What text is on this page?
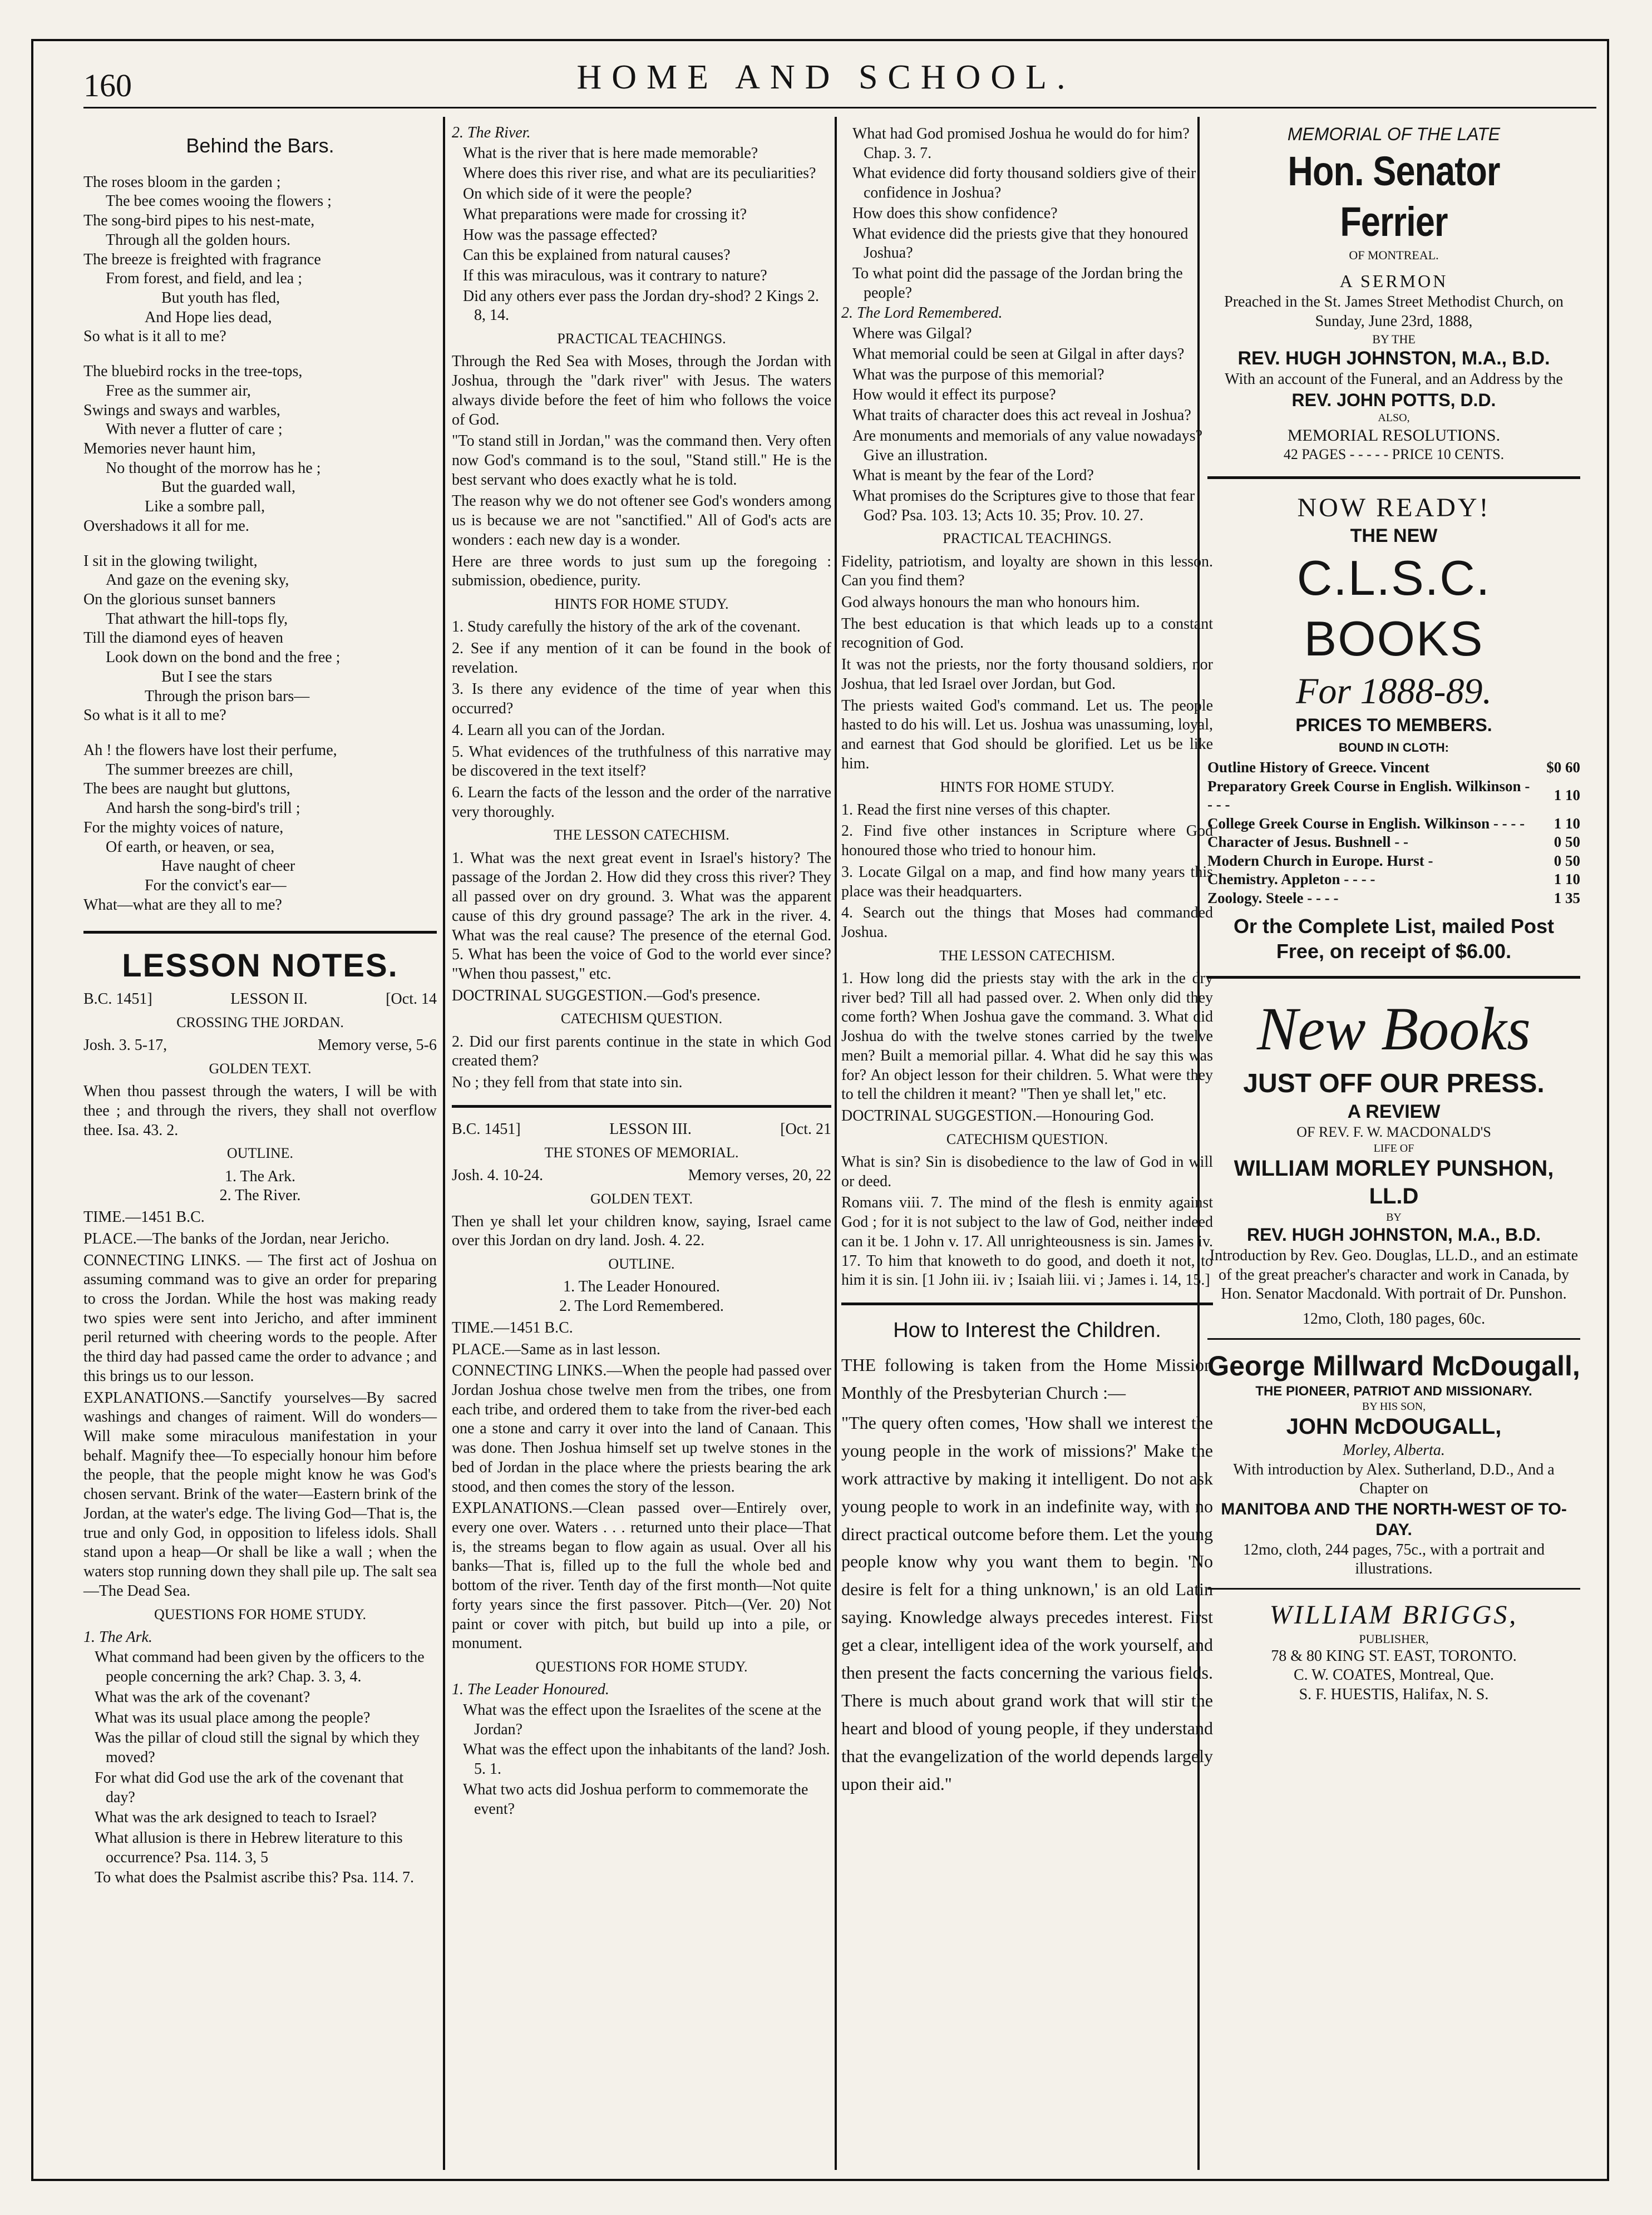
160	HOME AND SCHOOL.
Behind the Bars.

The roses bloom in the garden ;

The bee comes wooing the flowers ;

The song-bird pipes to his nest-mate,

Through all the golden hours.

The breeze is freighted with fragrance

From forest, and field, and lea ;

But youth has fled,

And Hope lies dead,

So what is it all to me?

The bluebird rocks in the tree-tops,

Free as the summer air,

Swings and sways and warbles,

With never a flutter of care ;

Memories never haunt him,

No thought of the morrow has he ;

But the guarded wall,

Like a sombre pall,

Overshadows it all for me.

I sit in the glowing twilight,

And gaze on the evening sky,

On the glorious sunset banners

That athwart the hill-tops fly,

Till the diamond eyes of heaven

Look down on the bond and the free ;

But I see the stars

Through the prison bars—

So what is it all to me?

Ah ! the flowers have lost their perfume,

The summer breezes are chill,

The bees are naught but gluttons,

And harsh the song-bird's trill ;

For the mighty voices of nature,

Of earth, or heaven, or sea,

Have naught of cheer

For the convict's ear—

What—what are they all to me?

LESSON NOTES.
B.C. 1451]	LESSON II.	[Oct. 14
CROSSING THE JORDAN.
Josh. 3. 5-17,	Memory verse, 5-6
GOLDEN TEXT.

When thou passest through the waters, I will be with thee ; and through the rivers, they shall not overflow thee. Isa. 43. 2.

OUTLINE.
1. The Ark.
2. The River.

TIME.—1451 B.C.

PLACE.—The banks of the Jordan, near Jericho.

CONNECTING LINKS. — The first act of Joshua on assuming command was to give an order for preparing to cross the Jordan. While the host was making ready two spies were sent into Jericho, and after imminent peril returned with cheering words to the people. After the third day had passed came the order to advance ; and this brings us to our lesson.

EXPLANATIONS.—Sanctify yourselves—By sacred washings and changes of raiment. Will do wonders—Will make some miraculous manifestation in your behalf. Magnify thee—To especially honour him before the people, that the people might know he was God's chosen servant. Brink of the water—Eastern brink of the Jordan, at the water's edge. The living God—That is, the true and only God, in opposition to lifeless idols. Shall stand upon a heap—Or shall be like a wall ; when the waters stop running down they shall pile up. The salt sea—The Dead Sea.

QUESTIONS FOR HOME STUDY.
1. The Ark.

What command had been given by the officers to the people concerning the ark? Chap. 3. 3, 4.

What was the ark of the covenant?

What was its usual place among the people?

Was the pillar of cloud still the signal by which they moved?

For what did God use the ark of the covenant that day?

What was the ark designed to teach to Israel?

What allusion is there in Hebrew literature to this occurrence? Psa. 114. 3, 5

To what does the Psalmist ascribe this? Psa. 114. 7.

2. The River.

What is the river that is here made memorable?

Where does this river rise, and what are its peculiarities?

On which side of it were the people?

What preparations were made for crossing it?

How was the passage effected?

Can this be explained from natural causes?

If this was miraculous, was it contrary to nature?

Did any others ever pass the Jordan dry-shod? 2 Kings 2. 8, 14.

PRACTICAL TEACHINGS.

Through the Red Sea with Moses, through the Jordan with Joshua, through the "dark river" with Jesus. The waters always divide before the feet of him who follows the voice of God.

"To stand still in Jordan," was the command then. Very often now God's command is to the soul, "Stand still." He is the best servant who does exactly what he is told.

The reason why we do not oftener see God's wonders among us is because we are not "sanctified." All of God's acts are wonders : each new day is a wonder.

Here are three words to just sum up the foregoing : submission, obedience, purity.

HINTS FOR HOME STUDY.

1. Study carefully the history of the ark of the covenant.

2. See if any mention of it can be found in the book of revelation.

3. Is there any evidence of the time of year when this occurred?

4. Learn all you can of the Jordan.

5. What evidences of the truthfulness of this narrative may be discovered in the text itself?

6. Learn the facts of the lesson and the order of the narrative very thoroughly.

THE LESSON CATECHISM.

1. What was the next great event in Israel's history? The passage of the Jordan 2. How did they cross this river? They all passed over on dry ground. 3. What was the apparent cause of this dry ground passage? The ark in the river. 4. What was the real cause? The presence of the eternal God. 5. What has been the voice of God to the world ever since? "When thou passest," etc.

DOCTRINAL SUGGESTION.—God's presence.

CATECHISM QUESTION.

2. Did our first parents continue in the state in which God created them?

No ; they fell from that state into sin.

B.C. 1451]	LESSON III.	[Oct. 21
THE STONES OF MEMORIAL.
Josh. 4. 10-24.	Memory verses, 20, 22
GOLDEN TEXT.

Then ye shall let your children know, saying, Israel came over this Jordan on dry land. Josh. 4. 22.

OUTLINE.
1. The Leader Honoured.
2. The Lord Remembered.

TIME.—1451 B.C.

PLACE.—Same as in last lesson.

CONNECTING LINKS.—When the people had passed over Jordan Joshua chose twelve men from the tribes, one from each tribe, and ordered them to take from the river-bed each one a stone and carry it over into the land of Canaan. This was done. Then Joshua himself set up twelve stones in the bed of Jordan in the place where the priests bearing the ark stood, and then comes the story of the lesson.

EXPLANATIONS.—Clean passed over—Entirely over, every one over. Waters . . . returned unto their place—That is, the streams began to flow again as usual. Over all his banks—That is, filled up to the full the whole bed and bottom of the river. Tenth day of the first month—Not quite forty years since the first passover. Pitch—(Ver. 20) Not paint or cover with pitch, but build up into a pile, or monument.

QUESTIONS FOR HOME STUDY.
1. The Leader Honoured.

What was the effect upon the Israelites of the scene at the Jordan?

What was the effect upon the inhabitants of the land? Josh. 5. 1.

What two acts did Joshua perform to commemorate the event?

What had God promised Joshua he would do for him? Chap. 3. 7.

What evidence did forty thousand soldiers give of their confidence in Joshua?

How does this show confidence?

What evidence did the priests give that they honoured Joshua?

To what point did the passage of the Jordan bring the people?

2. The Lord Remembered.

Where was Gilgal?

What memorial could be seen at Gilgal in after days?

What was the purpose of this memorial?

How would it effect its purpose?

What traits of character does this act reveal in Joshua?

Are monuments and memorials of any value nowadays? Give an illustration.

What is meant by the fear of the Lord?

What promises do the Scriptures give to those that fear God? Psa. 103. 13; Acts 10. 35; Prov. 10. 27.

PRACTICAL TEACHINGS.

Fidelity, patriotism, and loyalty are shown in this lesson. Can you find them?

God always honours the man who honours him.

The best education is that which leads up to a constant recognition of God.

It was not the priests, nor the forty thousand soldiers, nor Joshua, that led Israel over Jordan, but God.

The priests waited God's command. Let us. The people hasted to do his will. Let us. Joshua was unassuming, loyal, and earnest that God should be glorified. Let us be like him.

HINTS FOR HOME STUDY.

1. Read the first nine verses of this chapter.

2. Find five other instances in Scripture where God honoured those who tried to honour him.

3. Locate Gilgal on a map, and find how many years this place was their headquarters.

4. Search out the things that Moses had commanded Joshua.

THE LESSON CATECHISM.

1. How long did the priests stay with the ark in the dry river bed? Till all had passed over. 2. When only did they come forth? When Joshua gave the command. 3. What did Joshua do with the twelve stones carried by the twelve men? Built a memorial pillar. 4. What did he say this was for? An object lesson for their children. 5. What were they to tell the children it meant? "Then ye shall let," etc.

DOCTRINAL SUGGESTION.—Honouring God.

CATECHISM QUESTION.

What is sin? Sin is disobedience to the law of God in will or deed.

Romans viii. 7. The mind of the flesh is enmity against God ; for it is not subject to the law of God, neither indeed can it be. 1 John v. 17. All unrighteousness is sin. James iv. 17. To him that knoweth to do good, and doeth it not, to him it is sin. [1 John iii. iv ; Isaiah liii. vi ; James i. 14, 15.]

How to Interest the Children.

THE following is taken from the Home Mission Monthly of the Presbyterian Church :—

"The query often comes, 'How shall we interest the young people in the work of missions?' Make the work attractive by making it intelligent. Do not ask young people to work in an indefinite way, with no direct practical outcome before them. Let the young people know why you want them to begin. 'No desire is felt for a thing unknown,' is an old Latin saying. Knowledge always precedes interest. First get a clear, intelligent idea of the work yourself, and then present the facts concerning the various fields. There is much about grand work that will stir the heart and blood of young people, if they understand that the evangelization of the world depends largely upon their aid."

MEMORIAL OF THE LATE
Hon. Senator Ferrier
OF MONTREAL.
A SERMON
Preached in the St. James Street Methodist Church, on Sunday, June 23rd, 1888,
BY THE
REV. HUGH JOHNSTON, M.A., B.D.
With an account of the Funeral, and an Address by the
REV. JOHN POTTS, D.D.
ALSO,
MEMORIAL RESOLUTIONS.
42 PAGES - - - - - PRICE 10 CENTS.
NOW READY!
THE NEW
C.L.S.C. BOOKS
For 1888-89.
PRICES TO MEMBERS.
BOUND IN CLOTH:
Outline History of Greece. Vincent	$0 60
Preparatory Greek Course in English. Wilkinson - - - -	1 10
College Greek Course in English. Wilkinson - - - -	1 10
Character of Jesus. Bushnell - -	0 50
Modern Church in Europe. Hurst -	0 50
Chemistry. Appleton - - - -	1 10
Zoology. Steele - - - -	1 35
Or the Complete List, mailed Post Free, on receipt of $6.00.
New Books
JUST OFF OUR PRESS.
A REVIEW
OF REV. F. W. MACDONALD'S
LIFE OF
WILLIAM MORLEY PUNSHON, LL.D
BY
REV. HUGH JOHNSTON, M.A., B.D.
Introduction by Rev. Geo. Douglas, LL.D., and an estimate of the great preacher's character and work in Canada, by Hon. Senator Macdonald. With portrait of Dr. Punshon.
12mo, Cloth, 180 pages, 60c.
George Millward McDougall,
THE PIONEER, PATRIOT AND MISSIONARY.
BY HIS SON,
JOHN McDOUGALL,
Morley, Alberta.
With introduction by Alex. Sutherland, D.D., And a Chapter on
MANITOBA AND THE NORTH-WEST OF TO-DAY.
12mo, cloth, 244 pages, 75c., with a portrait and illustrations.
WILLIAM BRIGGS,
PUBLISHER,
78 & 80 KING ST. EAST, TORONTO.
C. W. COATES, Montreal, Que.
S. F. HUESTIS, Halifax, N. S.
